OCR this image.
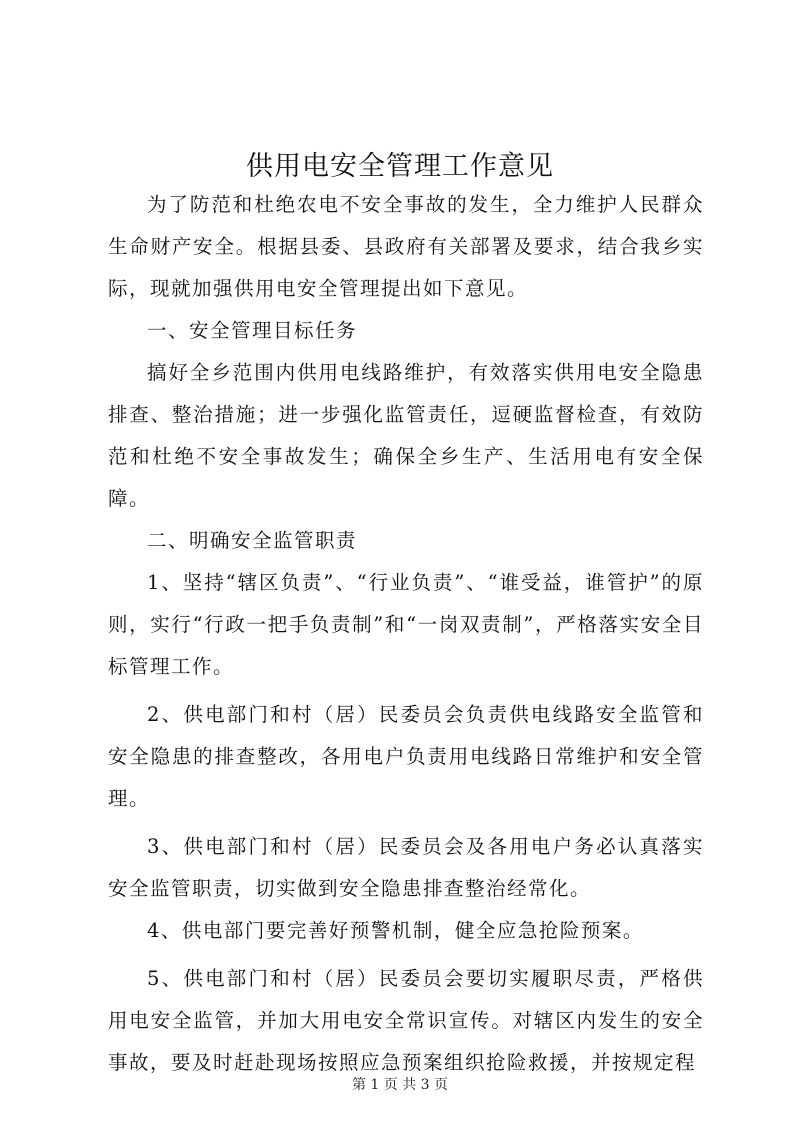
供用电安全管理工作意见

为了防范和杜绝农电不安全事故的发生，全力维护人民群众生命财产安全。根据县委、县政府有关部署及要求，结合我乡实际，现就加强供用电安全管理提出如下意见。

一、安全管理目标任务

搞好全乡范围内供用电线路维护，有效落实供用电安全隐患排查、整治措施；进一步强化监管责任，逗硬监督检查，有效防范和杜绝不安全事故发生；确保全乡生产、生活用电有安全保障。

二、明确安全监管职责

1、坚持“辖区负责”、“行业负责”、“谁受益，谁管护”的原则，实行“行政一把手负责制”和“一岗双责制”，严格落实安全目标管理工作。

2、供电部门和村（居）民委员会负责供电线路安全监管和安全隐患的排查整改，各用电户负责用电线路日常维护和安全管理。

3、供电部门和村（居）民委员会及各用电户务必认真落实安全监管职责，切实做到安全隐患排查整治经常化。

4、供电部门要完善好预警机制，健全应急抢险预案。

5、供电部门和村（居）民委员会要切实履职尽责，严格供用电安全监管，并加大用电安全常识宣传。对辖区内发生的安全事故，要及时赶赴现场按照应急预案组织抢险救援，并按规定程

第 1 页 共 3 页
